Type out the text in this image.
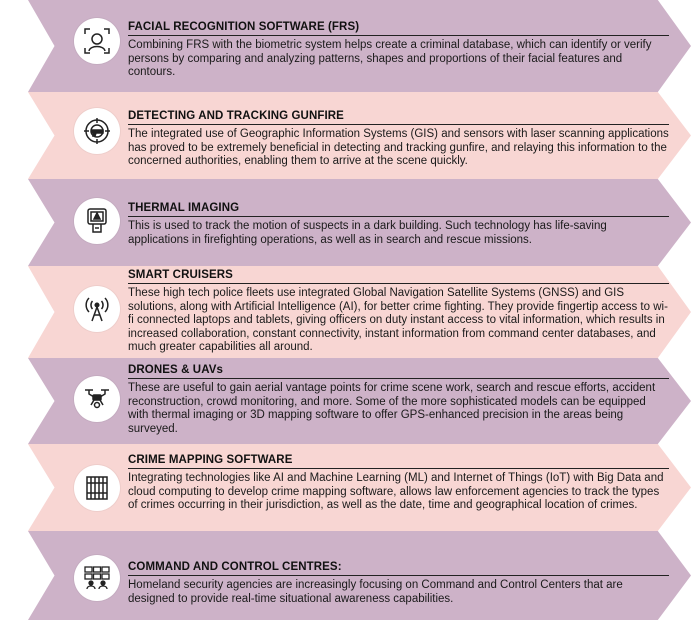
FACIAL RECOGNITION SOFTWARE (FRS)

Combining FRS with the biometric system helps create a criminal database, which can identify or verify persons by comparing and analyzing patterns, shapes and proportions of their facial features and contours.

DETECTING AND TRACKING GUNFIRE

The integrated use of Geographic Information Systems (GIS) and sensors with laser scanning applications has proved to be extremely beneficial in detecting and tracking gunfire, and relaying this information to the concerned authorities, enabling them to arrive at the scene quickly.

THERMAL IMAGING

This is used to track the motion of suspects in a dark building. Such technology has life-saving applications in firefighting operations, as well as in search and rescue missions.

SMART CRUISERS

These high tech police fleets use integrated Global Navigation Satellite Systems (GNSS) and GIS solutions, along with Artificial Intelligence (AI), for better crime fighting. They provide fingertip access to wi-fi connected laptops and tablets, giving officers on duty instant access to vital information, which results in increased collaboration, constant connectivity, instant information from command center databases, and much greater capabilities all around.

DRONES & UAVs

These are useful to gain aerial vantage points for crime scene work, search and rescue efforts, accident reconstruction, crowd monitoring, and more. Some of the more sophisticated models can be equipped with thermal imaging or 3D mapping software to offer GPS-enhanced precision in the areas being surveyed.

CRIME MAPPING SOFTWARE

Integrating technologies like AI and Machine Learning (ML) and Internet of Things (IoT) with Big Data and cloud computing to develop crime mapping software, allows law enforcement agencies to track the types of crimes occurring in their jurisdiction, as well as the date, time and geographical location of crimes.

COMMAND AND CONTROL CENTRES:

Homeland security agencies are increasingly focusing on Command and Control Centers that are designed to provide real-time situational awareness capabilities.
